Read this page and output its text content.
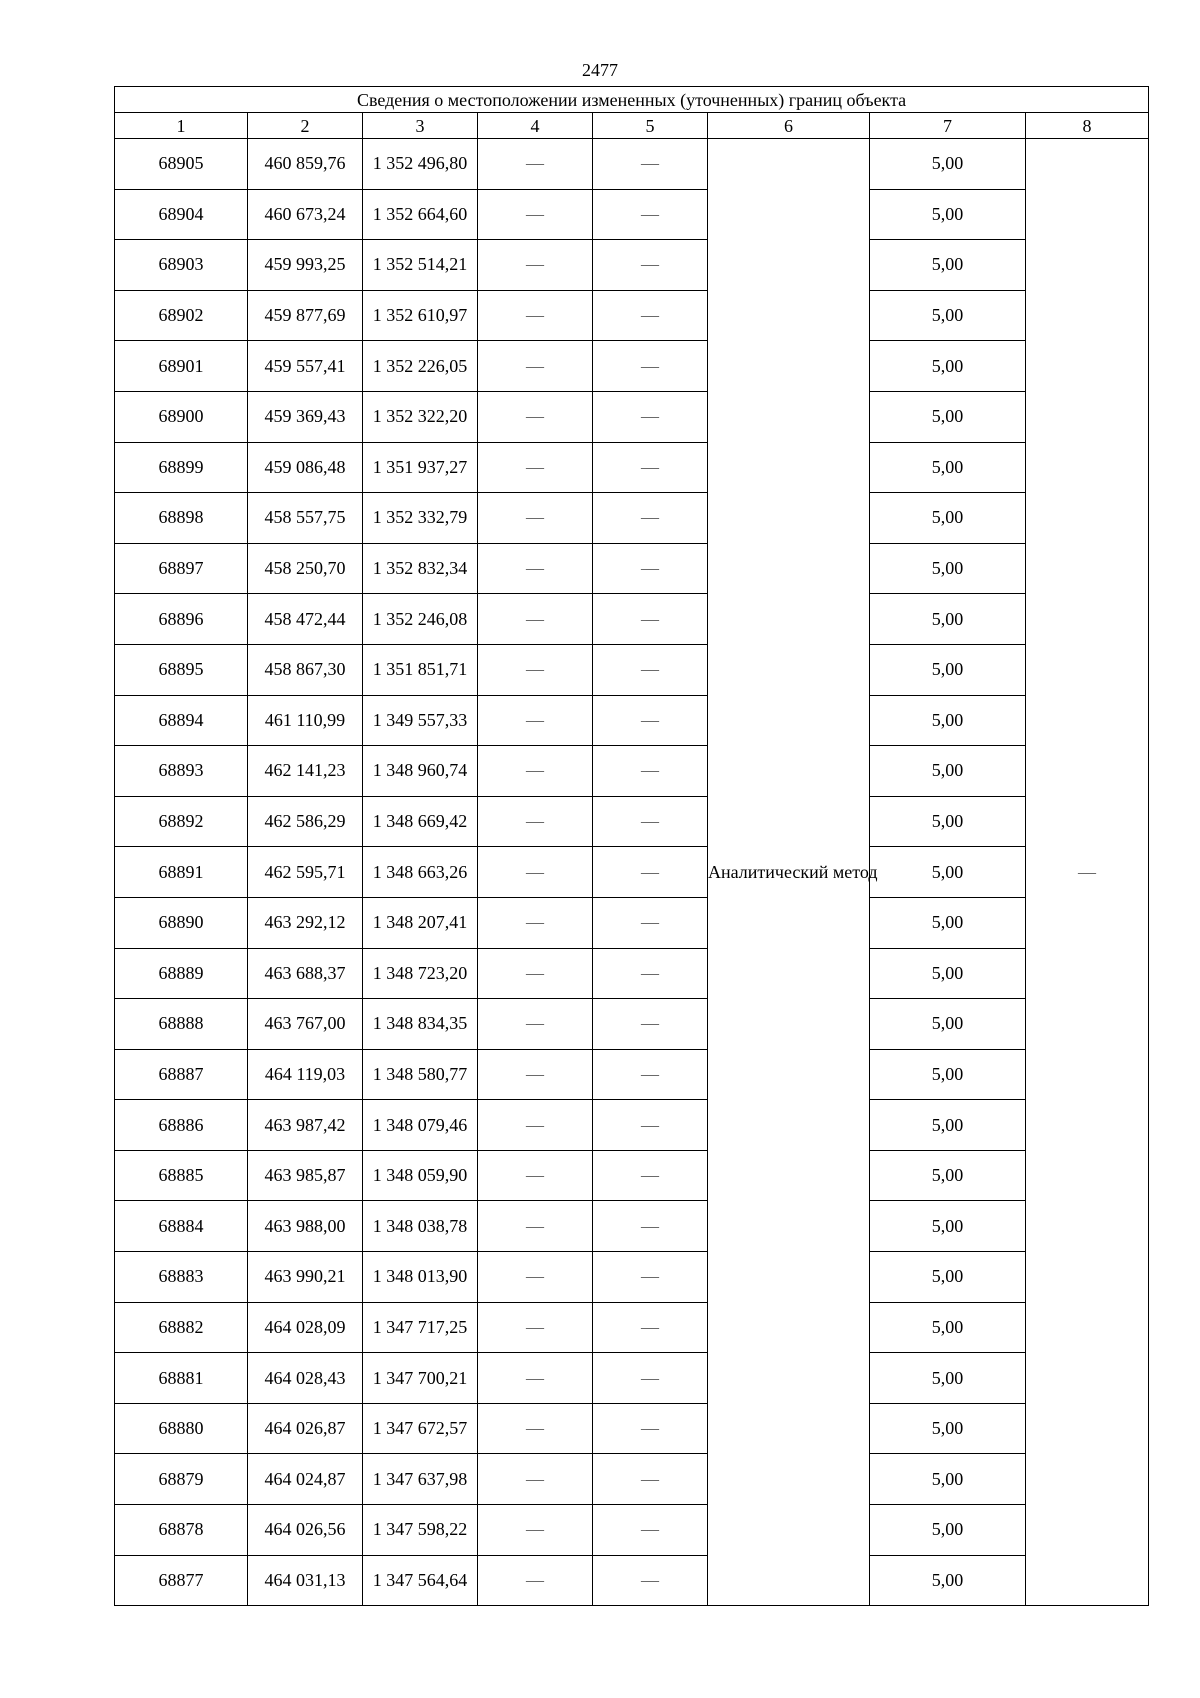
2477
Сведения о местоположении измененных (уточненных) границ объекта							
1	2	3	4	5	6	7	8
68905	460 859,76	1 352 496,80	—	—	Аналитический метод	5,00	—
68904	460 673,24	1 352 664,60	—	—		5,00	
68903	459 993,25	1 352 514,21	—	—		5,00	
68902	459 877,69	1 352 610,97	—	—		5,00	
68901	459 557,41	1 352 226,05	—	—		5,00	
68900	459 369,43	1 352 322,20	—	—		5,00	
68899	459 086,48	1 351 937,27	—	—		5,00	
68898	458 557,75	1 352 332,79	—	—		5,00	
68897	458 250,70	1 352 832,34	—	—		5,00	
68896	458 472,44	1 352 246,08	—	—		5,00	
68895	458 867,30	1 351 851,71	—	—		5,00	
68894	461 110,99	1 349 557,33	—	—		5,00	
68893	462 141,23	1 348 960,74	—	—		5,00	
68892	462 586,29	1 348 669,42	—	—		5,00	
68891	462 595,71	1 348 663,26	—	—		5,00	
68890	463 292,12	1 348 207,41	—	—		5,00	
68889	463 688,37	1 348 723,20	—	—		5,00	
68888	463 767,00	1 348 834,35	—	—		5,00	
68887	464 119,03	1 348 580,77	—	—		5,00	
68886	463 987,42	1 348 079,46	—	—		5,00	
68885	463 985,87	1 348 059,90	—	—		5,00	
68884	463 988,00	1 348 038,78	—	—		5,00	
68883	463 990,21	1 348 013,90	—	—		5,00	
68882	464 028,09	1 347 717,25	—	—		5,00	
68881	464 028,43	1 347 700,21	—	—		5,00	
68880	464 026,87	1 347 672,57	—	—		5,00	
68879	464 024,87	1 347 637,98	—	—		5,00	
68878	464 026,56	1 347 598,22	—	—		5,00	
68877	464 031,13	1 347 564,64	—	—		5,00	
